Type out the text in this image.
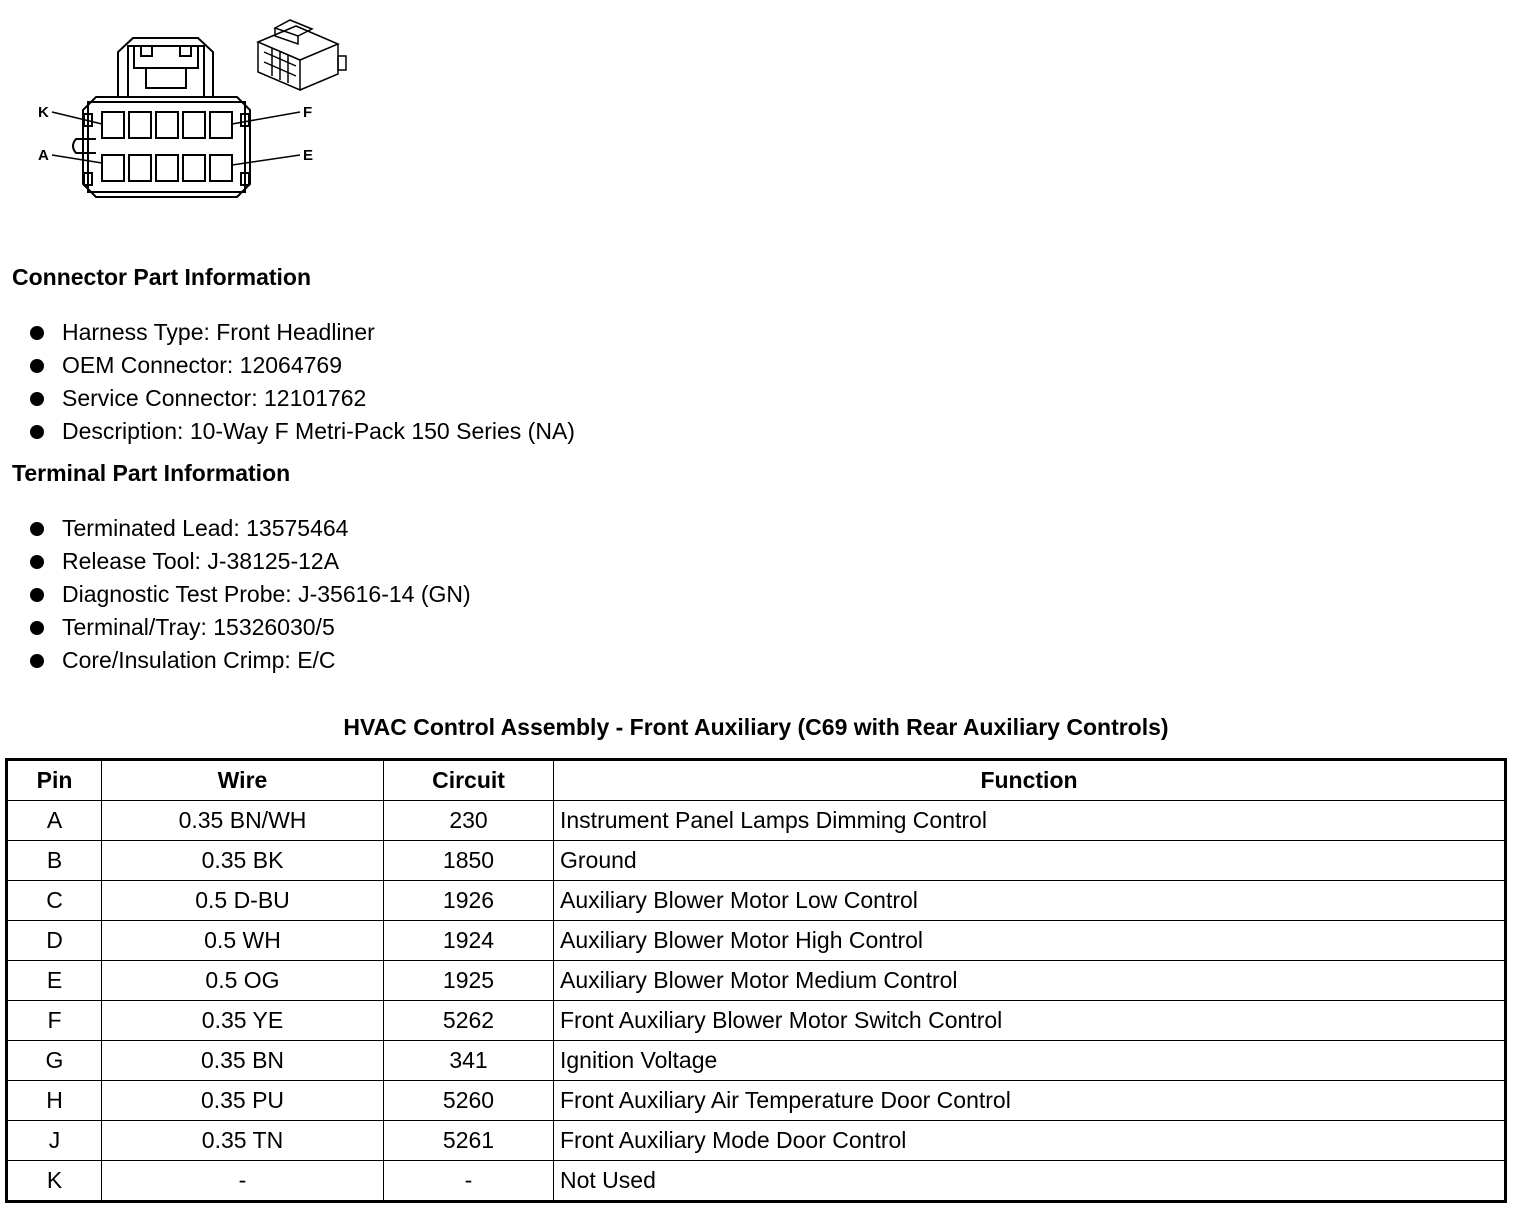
K
A
F
E
Connector Part Information
Harness Type: Front Headliner
OEM Connector: 12064769
Service Connector: 12101762
Description: 10-Way F Metri-Pack 150 Series (NA)
Terminal Part Information
Terminated Lead: 13575464
Release Tool: J-38125-12A
Diagnostic Test Probe: J-35616-14 (GN)
Terminal/Tray: 15326030/5
Core/Insulation Crimp: E/C
HVAC Control Assembly - Front Auxiliary (C69 with Rear Auxiliary Controls)
Pin	Wire	Circuit	Function
A	0.35 BN/WH	230	Instrument Panel Lamps Dimming Control
B	0.35 BK	1850	Ground
C	0.5 D-BU	1926	Auxiliary Blower Motor Low Control
D	0.5 WH	1924	Auxiliary Blower Motor High Control
E	0.5 OG	1925	Auxiliary Blower Motor Medium Control
F	0.35 YE	5262	Front Auxiliary Blower Motor Switch Control
G	0.35 BN	341	Ignition Voltage
H	0.35 PU	5260	Front Auxiliary Air Temperature Door Control
J	0.35 TN	5261	Front Auxiliary Mode Door Control
K	-	-	Not Used
